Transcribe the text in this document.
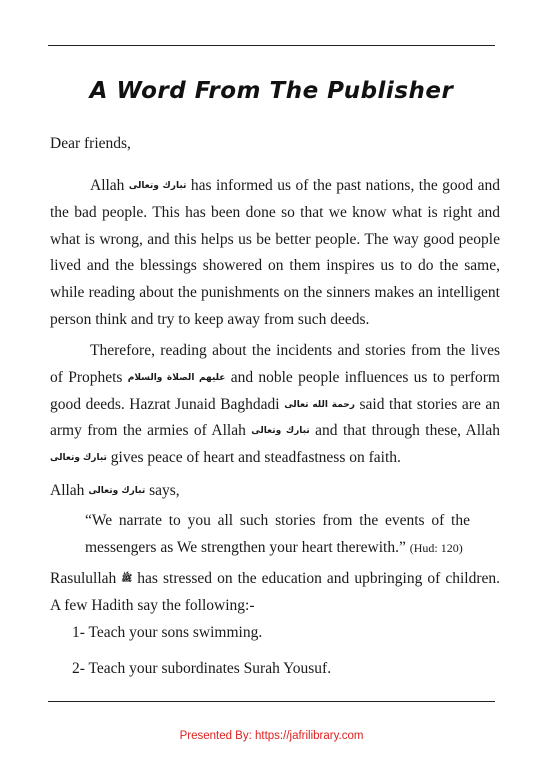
A Word From The Publisher
Dear friends,
Allah تبارك وتعالى has informed us of the past nations, the good and the bad people. This has been done so that we know what is right and what is wrong, and this helps us be better people. The way good people lived and the blessings showered on them inspires us to do the same, while reading about the punishments on the sinners makes an intelligent person think and try to keep away from such deeds.
Therefore, reading about the incidents and stories from the lives of Prophets عليهم الصلاة والسلام and noble people influences us to perform good deeds. Hazrat Junaid Baghdadi رحمة الله تعالى said that stories are an army from the armies of Allah تبارك وتعالى and that through these, Allah تبارك وتعالى gives peace of heart and steadfastness on faith.
Allah تبارك وتعالى says,
“We narrate to you all such stories from the events of the messengers as We strengthen your heart therewith.” (Hud: 120)
Rasulullah ﷺ has stressed on the education and upbringing of children. A few Hadith say the following:-
1- Teach your sons swimming.
2- Teach your subordinates Surah Yousuf.
Presented By: https://jafrilibrary.com
